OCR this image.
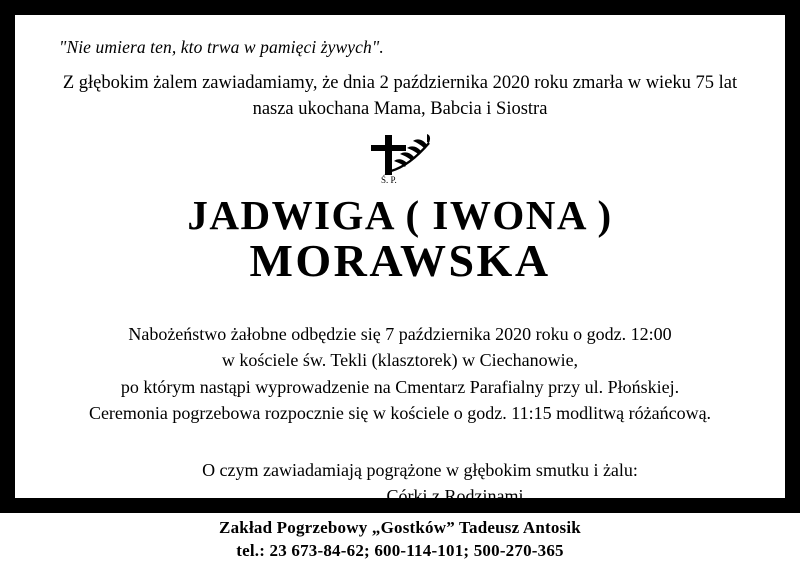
"Nie umiera ten, kto trwa w pamięci żywych".
Z głębokim żalem zawiadamiamy, że dnia 2 października 2020 roku zmarła w wieku 75 lat
nasza ukochana Mama, Babcia i Siostra
Ś. P.
JADWIGA ( IWONA )
MORAWSKA
Nabożeństwo żałobne odbędzie się 7 października 2020 roku o godz. 12:00
w kościele św. Tekli (klasztorek) w Ciechanowie,
po którym nastąpi wyprowadzenie na Cmentarz Parafialny przy ul. Płońskiej.
Ceremonia pogrzebowa rozpocznie się w kościele o godz. 11:15 modlitwą różańcową.
O czym zawiadamiają pogrążone w głębokim smutku i żalu:
Córki z Rodzinami
Zakład Pogrzebowy „Gostków” Tadeusz Antosik
tel.: 23 673-84-62; 600-114-101; 500-270-365
